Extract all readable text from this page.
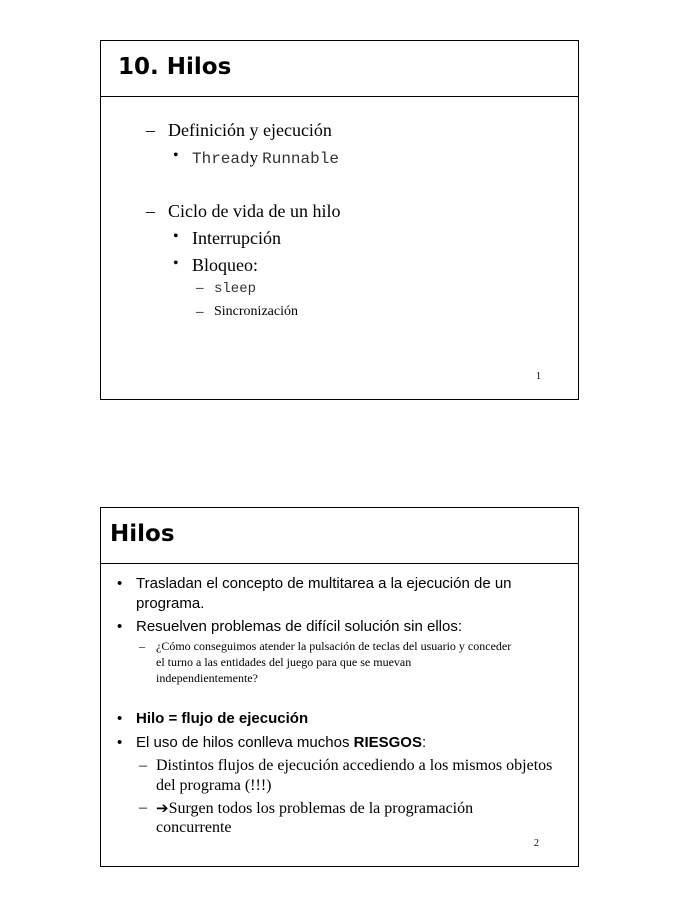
10. Hilos
– Definición y ejecución
• Thready Runnable
– Ciclo de vida de un hilo
• Interrupción
• Bloqueo:
– sleep
– Sincronización
1
Hilos
• Trasladan el concepto de multitarea a la ejecución de un
programa.
• Resuelven problemas de difícil solución sin ellos:
– ¿Cómo conseguimos atender la pulsación de teclas del usuario y conceder
el turno a las entidades del juego para que se muevan
independientemente?
• Hilo = flujo de ejecución
• El uso de hilos conlleva muchos RIESGOS:
– Distintos flujos de ejecución accediendo a los mismos objetos
del programa (!!!)
– ➔Surgen todos los problemas de la programación
concurrente
2
